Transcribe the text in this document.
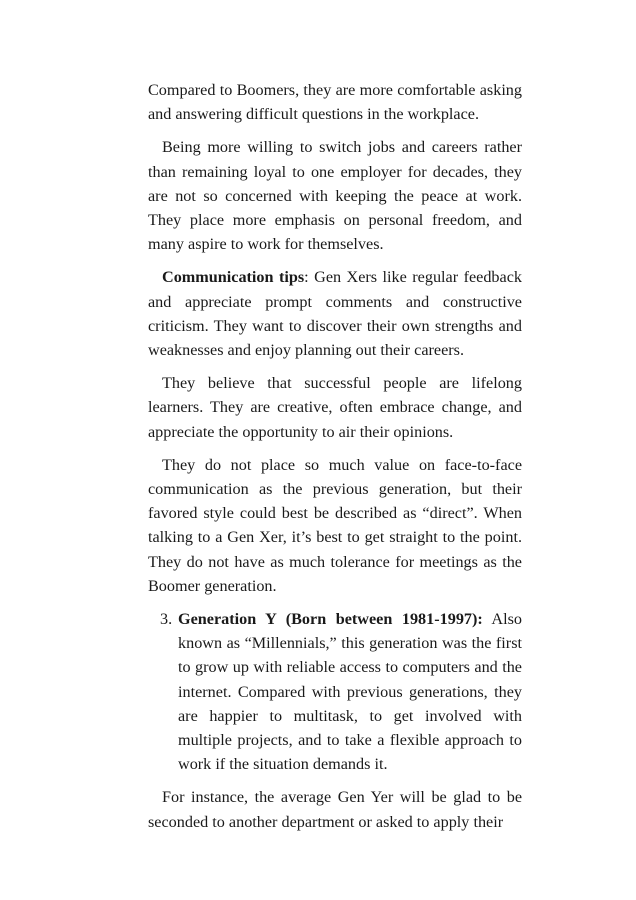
Compared to Boomers, they are more comfortable asking and answering difficult questions in the workplace.

Being more willing to switch jobs and careers rather than remaining loyal to one employer for decades, they are not so concerned with keeping the peace at work. They place more emphasis on personal freedom, and many aspire to work for themselves.

Communication tips: Gen Xers like regular feedback and appreciate prompt comments and constructive criticism. They want to discover their own strengths and weaknesses and enjoy planning out their careers.

They believe that successful people are lifelong learners. They are creative, often embrace change, and appreciate the opportunity to air their opinions.

They do not place so much value on face-to-face communication as the previous generation, but their favored style could best be described as “direct”. When talking to a Gen Xer, it’s best to get straight to the point. They do not have as much tolerance for meetings as the Boomer generation.

3. Generation Y (Born between 1981-1997): Also known as “Millennials,” this generation was the first to grow up with reliable access to computers and the internet. Compared with previous generations, they are happier to multitask, to get involved with multiple projects, and to take a flexible approach to work if the situation demands it.

For instance, the average Gen Yer will be glad to be seconded to another department or asked to apply their
